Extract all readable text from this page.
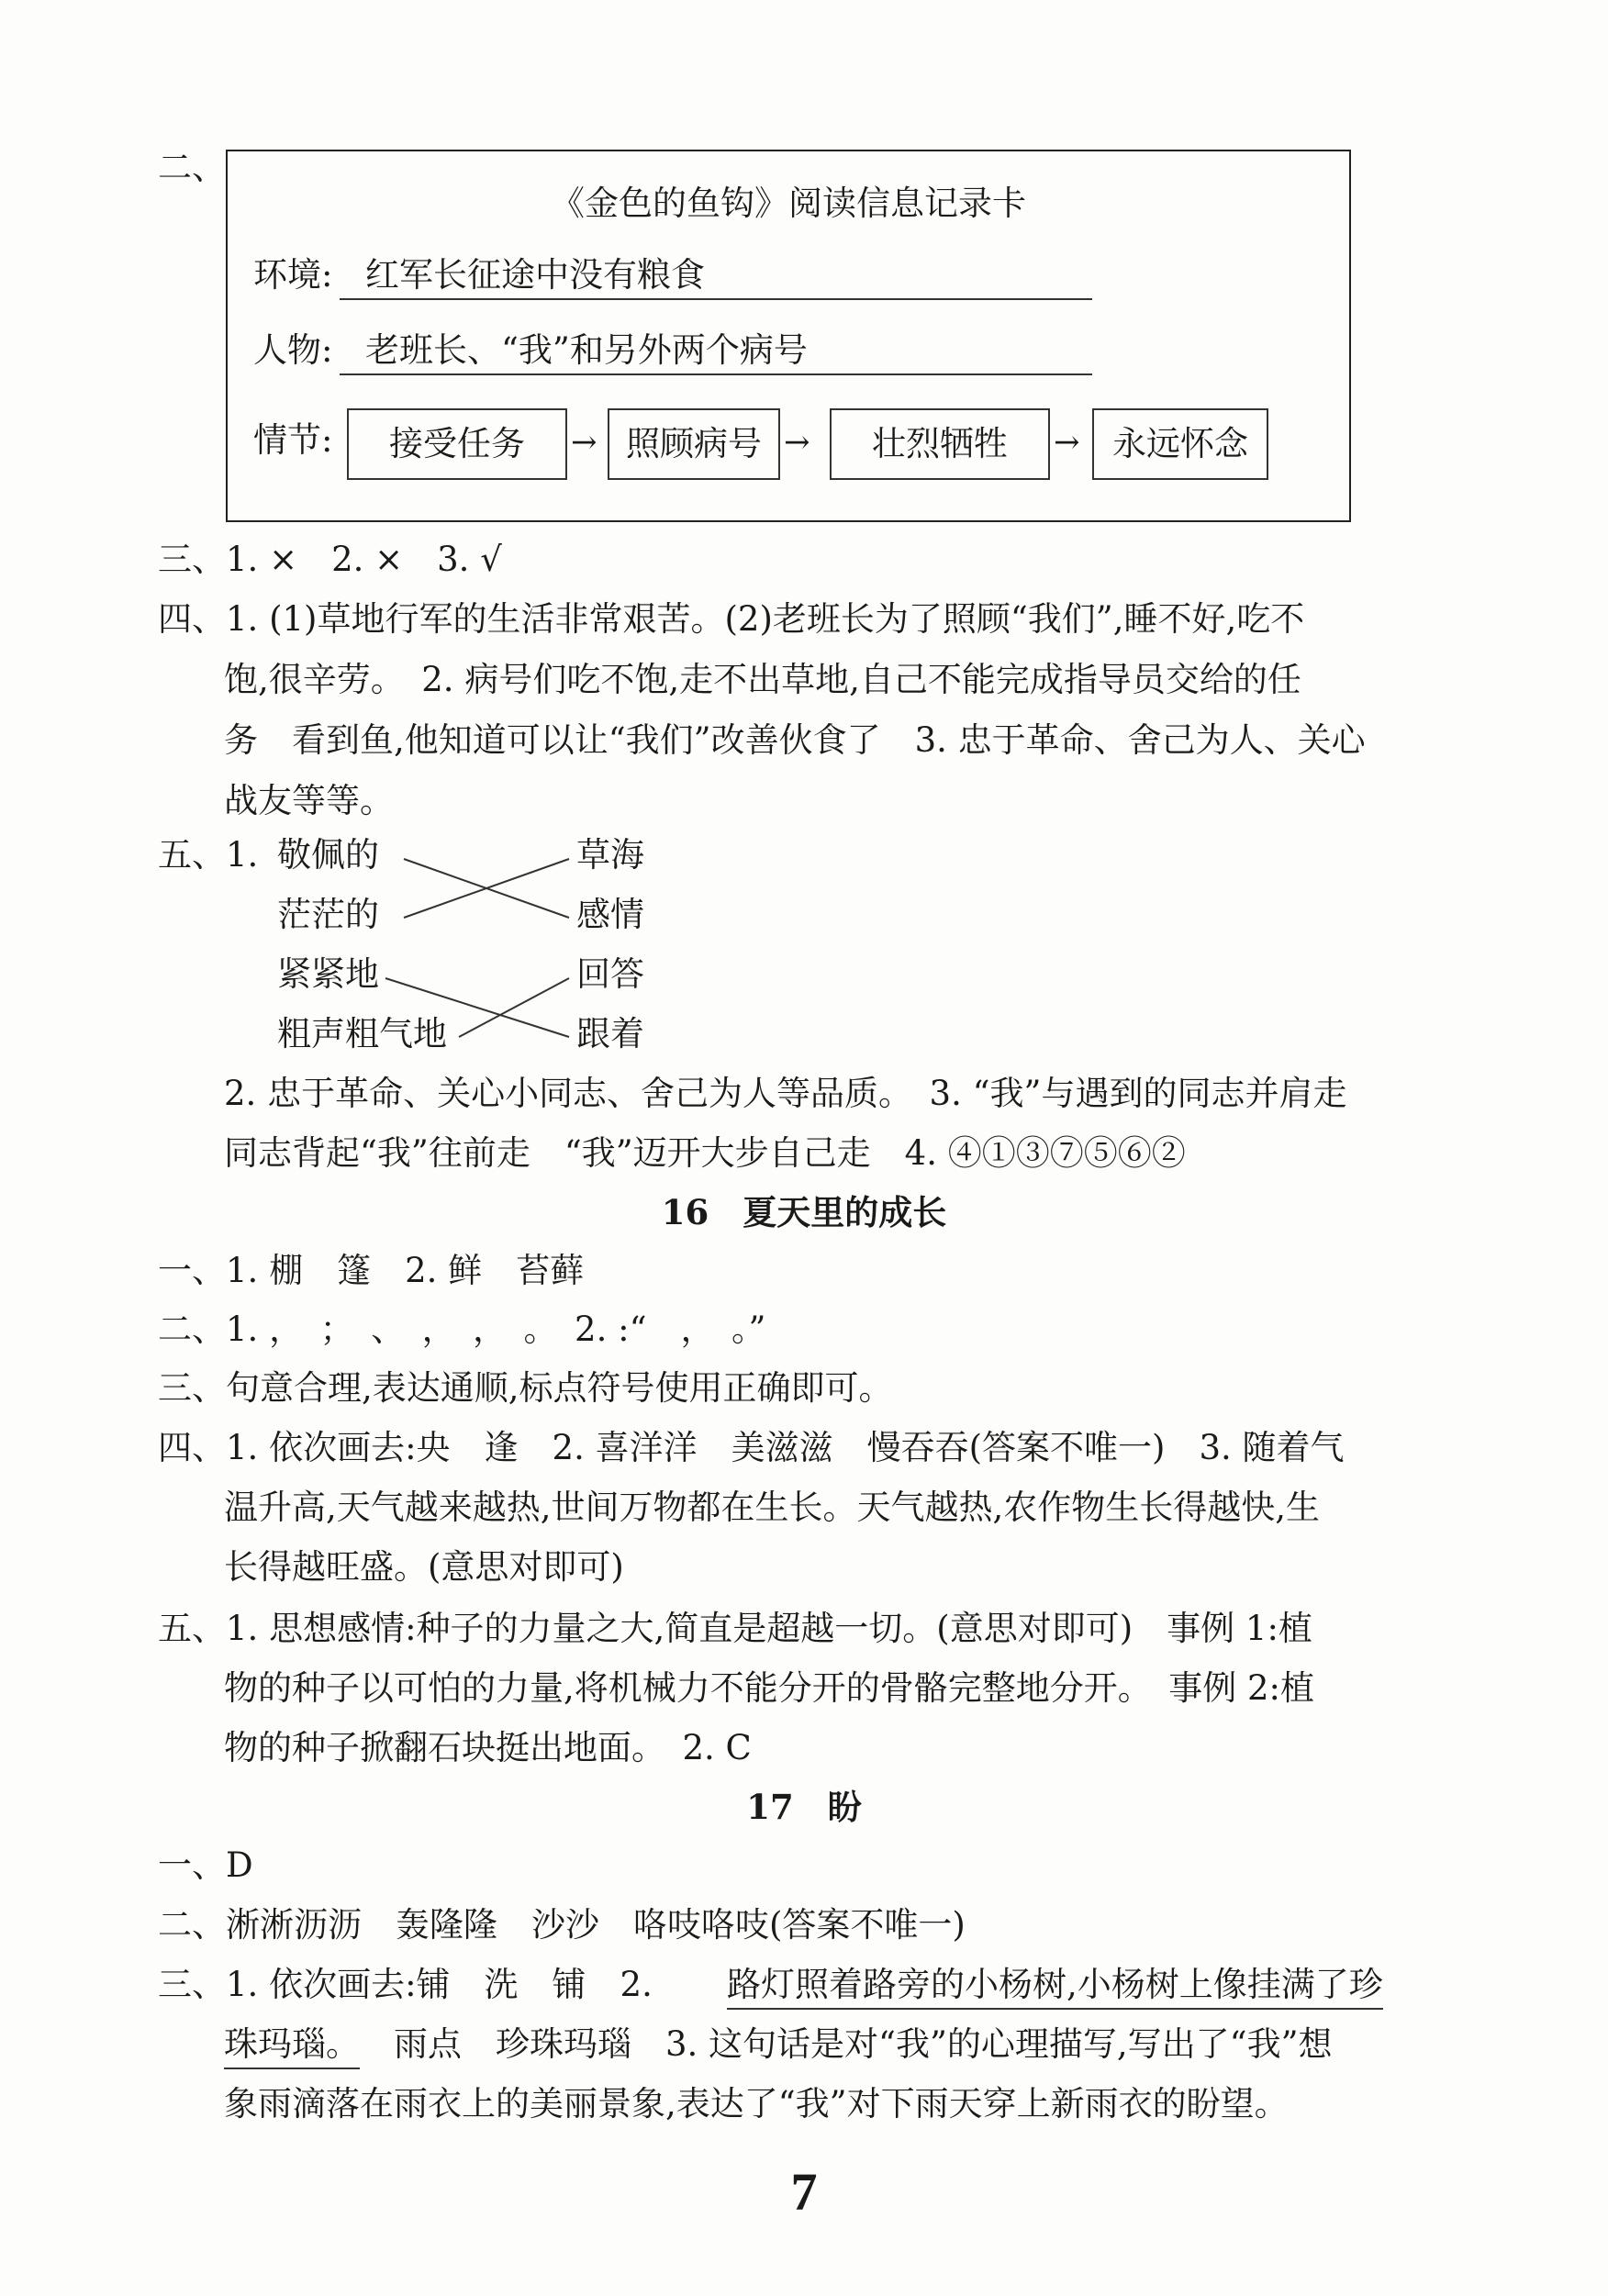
二、
《金色的鱼钩》阅读信息记录卡
环境: 红军长征途中没有粮食
人物: 老班长、“我”和另外两个病号
情节:	接受任务	→ 照顾病号 →	壮烈牺牲	→ 永远怀念
三、1. ×　2. ×　3. √
四、1. (1)草地行军的生活非常艰苦。(2)老班长为了照顾“我们”,睡不好,吃不
饱,很辛劳。　2. 病号们吃不饱,走不出草地,自己不能完成指导员交给的任
务　看到鱼,他知道可以让“我们”改善伙食了　3. 忠于革命、舍己为人、关心
战友等等。
五、1. 敬佩的
茫茫的
紧紧地
粗声粗气地
草海
感情
回答
跟着
2. 忠于革命、关心小同志、舍己为人等品质。　3. “我”与遇到的同志并肩走
同志背起“我”往前走　“我”迈开大步自己走　4. ④①③⑦⑤⑥②
16　夏天里的成长
一、1. 棚　篷　2. 鲜　苔藓
二、1. ，　；　、　，　，　。　2. :“　，　。”
三、句意合理,表达通顺,标点符号使用正确即可。
四、1. 依次画去:央　逢　2. 喜洋洋　美滋滋　慢吞吞(答案不唯一)　3. 随着气
温升高,天气越来越热,世间万物都在生长。天气越热,农作物生长得越快,生
长得越旺盛。(意思对即可)
五、1. 思想感情:种子的力量之大,简直是超越一切。(意思对即可)　事例 1:植
物的种子以可怕的力量,将机械力不能分开的骨骼完整地分开。　事例 2:植
物的种子掀翻石块挺出地面。　2. C
17　盼
一、D
二、淅淅沥沥　轰隆隆　沙沙　咯吱咯吱(答案不唯一)
三、1. 依次画去:铺　洗　铺　2. 路灯照着路旁的小杨树,小杨树上像挂满了珍
珠玛瑙。 　雨点　珍珠玛瑙　3. 这句话是对“我”的心理描写,写出了“我”想
象雨滴落在雨衣上的美丽景象,表达了“我”对下雨天穿上新雨衣的盼望。
7
